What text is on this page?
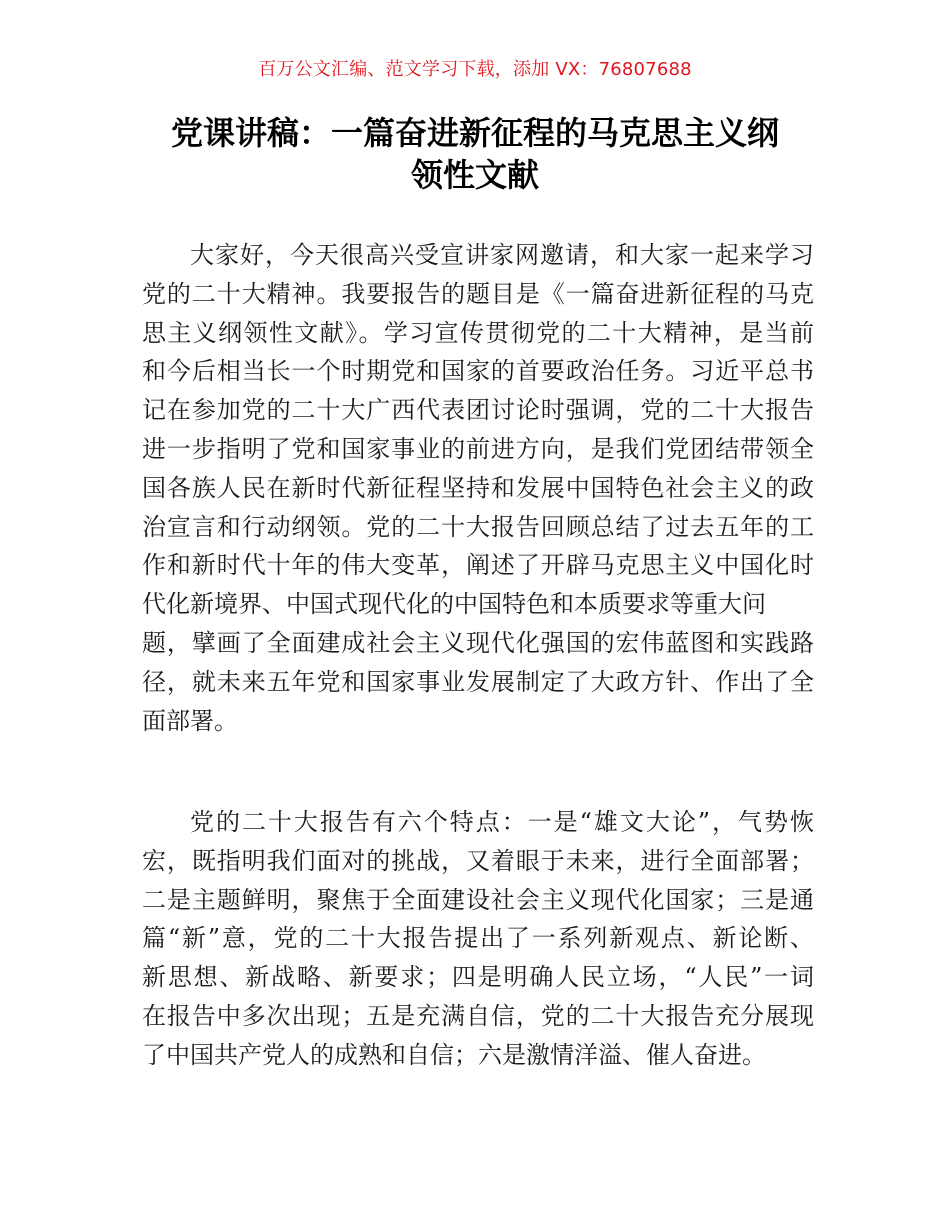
百万公文汇编、范文学习下载，添加 VX：76807688
党课讲稿：一篇奋进新征程的马克思主义纲
领性文献

大家好，今天很高兴受宣讲家网邀请，和大家一起来学习
党的二十大精神。我要报告的题目是《一篇奋进新征程的马克
思主义纲领性文献》。学习宣传贯彻党的二十大精神，是当前
和今后相当长一个时期党和国家的首要政治任务。习近平总书
记在参加党的二十大广西代表团讨论时强调，党的二十大报告
进一步指明了党和国家事业的前进方向，是我们党团结带领全
国各族人民在新时代新征程坚持和发展中国特色社会主义的政
治宣言和行动纲领。党的二十大报告回顾总结了过去五年的工
作和新时代十年的伟大变革，阐述了开辟马克思主义中国化时
代化新境界、中国式现代化的中国特色和本质要求等重大问
题，擘画了全面建成社会主义现代化强国的宏伟蓝图和实践路
径，就未来五年党和国家事业发展制定了大政方针、作出了全
面部署。

党的二十大报告有六个特点：一是“雄文大论”，气势恢
宏，既指明我们面对的挑战，又着眼于未来，进行全面部署；
二是主题鲜明，聚焦于全面建设社会主义现代化国家；三是通
篇“新”意，党的二十大报告提出了一系列新观点、新论断、
新思想、新战略、新要求；四是明确人民立场，“人民”一词
在报告中多次出现；五是充满自信，党的二十大报告充分展现
了中国共产党人的成熟和自信；六是激情洋溢、催人奋进。
